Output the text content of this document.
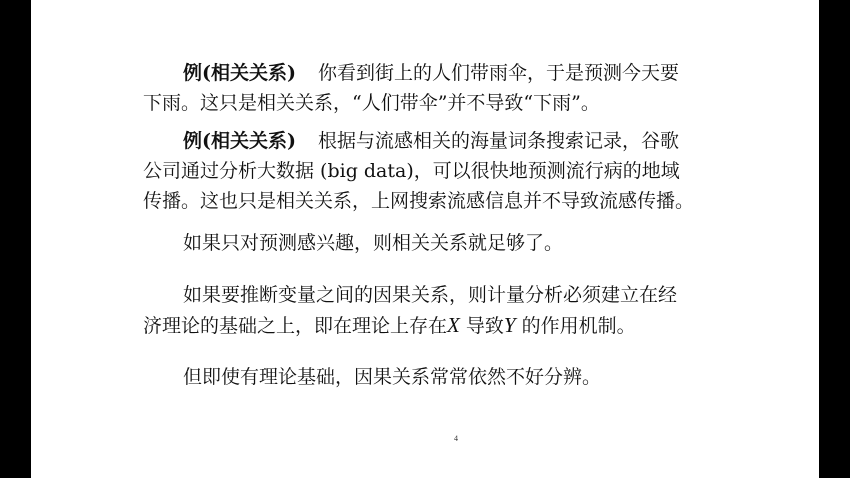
例(相关关系) 你看到街上的人们带雨伞，于是预测今天要
下雨。这只是相关关系，“人们带伞”并不导致“下雨”。

例(相关关系) 根据与流感相关的海量词条搜索记录，谷歌
公司通过分析大数据 (big data)，可以很快地预测流行病的地域
传播。这也只是相关关系，上网搜索流感信息并不导致流感传播。

如果只对预测感兴趣，则相关关系就足够了。

如果要推断变量之间的因果关系，则计量分析必须建立在经
济理论的基础之上，即在理论上存在X 导致Y 的作用机制。

但即使有理论基础，因果关系常常依然不好分辨。

4
